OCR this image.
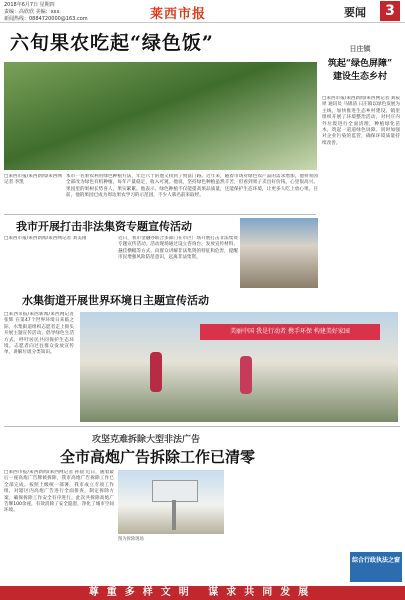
2018年6月7日 星期四
责编：高欣欣 美编：xxx
新闻热线：0884720000@163.com	莱西市报	要闻	3
六旬果农吃起“绿色饭”	日庄镇
筑起“绿色屏障”
建设生态乡村
□莱西市报/莱西新闻/莱西网记者 刘辰铎 通讯员 马锦清 日庄镇以绿色发展为主线，加快推进生态乡村建设。镇里组织开展了环境整治活动，对村庄内外垃圾进行全面清理，种植绿化苗木，筑起一道道绿色屏障。同时加强对企业污染的监管，确保环境质量持续改善。
□莱西市报/莱西新闻/莱西网记者 李凯
本市一名果农利用绿色种植方法，年过六十的他又找到了致富门路。近年来，随着市场对绿色农产品的需求增加，他将果园全部改为绿色有机种植，每年产量稳定，收入可观。他说，坚持绿色种植虽然辛苦，但看到果子卖出好价钱，心里很高兴。果园里的果树长势喜人，果实累累。他表示，绿色种植不仅能提高果品质量，还能保护生态环境，让更多人吃上放心果。目前，他的果园已成为周边果农学习的示范园，不少人慕名前来取经。
我市开展打击非法集资专题宣传活动
□莱西市报/莱西新闻/莱西网记者 刘美翔	近日，我市金融办联合多部门在市区广场开展打击非法集资专题宣传活动。活动现场通过设立咨询台、发放宣传材料、悬挂横幅等方式，向群众讲解非法集资的特征和危害，提醒市民增强风险防范意识，远离非法集资。
水集街道开展世界环境日主题宣传活动
□莱西市报/莱西新闻/莱西网记者 张辉 在第47个世界环境日来临之际，水集街道组织志愿者走上街头开展主题宣传活动，倡导绿色生活方式，呼吁居民共同保护生态环境。志愿者向过往群众发放宣传单，讲解垃圾分类知识。
美丽中国 我是行动者 携手环保 构建美好家园
攻坚克难拆除大型非法广告
全市高炮广告拆除工作已清零
□莱西市报/莱西新闻/莱西网记者 孙晨 近日，随着最后一座高炮广告牌被拆除，我市高炮广告拆除工作已全部完成。按照上级统一部署，我市成立专项工作组，对辖区内高炮广告进行全面排查，制定拆除方案，确保拆除工作安全有序进行。此次共拆除高炮广告牌100余座，有效消除了安全隐患，净化了城市空间环境。
图为拆除现场
综合行政执法之窗
尊重多样文明 谋求共同发展
